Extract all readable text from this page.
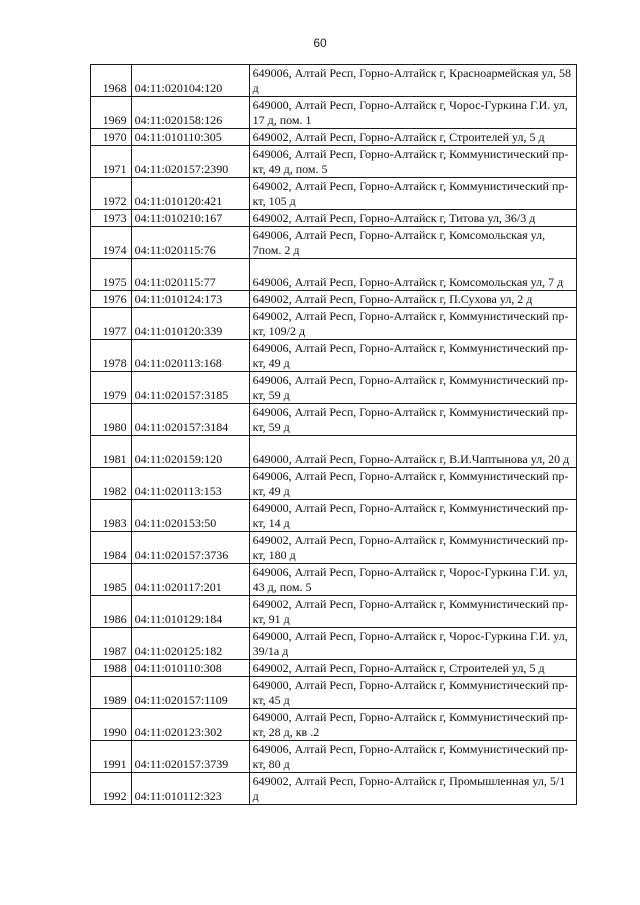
60
1968	04:11:020104:120	649006, Алтай Респ, Горно-Алтайск г, Красноармейская ул, 58 д
1969	04:11:020158:126	649000, Алтай Респ, Горно-Алтайск г, Чорос-Гуркина Г.И. ул, 17 д, пом. 1
1970	04:11:010110:305	649002, Алтай Респ, Горно-Алтайск г, Строителей ул, 5 д
1971	04:11:020157:2390	649006, Алтай Респ, Горно-Алтайск г, Коммунистический пр-кт, 49 д, пом. 5
1972	04:11:010120:421	649002, Алтай Респ, Горно-Алтайск г, Коммунистический пр-кт, 105 д
1973	04:11:010210:167	649002, Алтай Респ, Горно-Алтайск г, Титова ул, 36/3 д
1974	04:11:020115:76	649006, Алтай Респ, Горно-Алтайск г, Комсомольская ул, 7пом. 2 д
1975	04:11:020115:77	649006, Алтай Респ, Горно-Алтайск г, Комсомольская ул, 7 д
1976	04:11:010124:173	649002, Алтай Респ, Горно-Алтайск г, П.Сухова ул, 2 д
1977	04:11:010120:339	649002, Алтай Респ, Горно-Алтайск г, Коммунистический пр-кт, 109/2 д
1978	04:11:020113:168	649006, Алтай Респ, Горно-Алтайск г, Коммунистический пр-кт, 49 д
1979	04:11:020157:3185	649006, Алтай Респ, Горно-Алтайск г, Коммунистический пр-кт, 59 д
1980	04:11:020157:3184	649006, Алтай Респ, Горно-Алтайск г, Коммунистический пр-кт, 59 д
1981	04:11:020159:120	649000, Алтай Респ, Горно-Алтайск г, В.И.Чаптынова ул, 20 д
1982	04:11:020113:153	649006, Алтай Респ, Горно-Алтайск г, Коммунистический пр-кт, 49 д
1983	04:11:020153:50	649000, Алтай Респ, Горно-Алтайск г, Коммунистический пр-кт, 14 д
1984	04:11:020157:3736	649002, Алтай Респ, Горно-Алтайск г, Коммунистический пр-кт, 180 д
1985	04:11:020117:201	649006, Алтай Респ, Горно-Алтайск г, Чорос-Гуркина Г.И. ул, 43 д, пом. 5
1986	04:11:010129:184	649002, Алтай Респ, Горно-Алтайск г, Коммунистический пр-кт, 91 д
1987	04:11:020125:182	649000, Алтай Респ, Горно-Алтайск г, Чорос-Гуркина Г.И. ул, 39/1а д
1988	04:11:010110:308	649002, Алтай Респ, Горно-Алтайск г, Строителей ул, 5 д
1989	04:11:020157:1109	649000, Алтай Респ, Горно-Алтайск г, Коммунистический пр-кт, 45 д
1990	04:11:020123:302	649000, Алтай Респ, Горно-Алтайск г, Коммунистический пр-кт, 28 д, кв .2
1991	04:11:020157:3739	649006, Алтай Респ, Горно-Алтайск г, Коммунистический пр-кт, 80 д
1992	04:11:010112:323	649002, Алтай Респ, Горно-Алтайск г, Промышленная ул, 5/1 д
